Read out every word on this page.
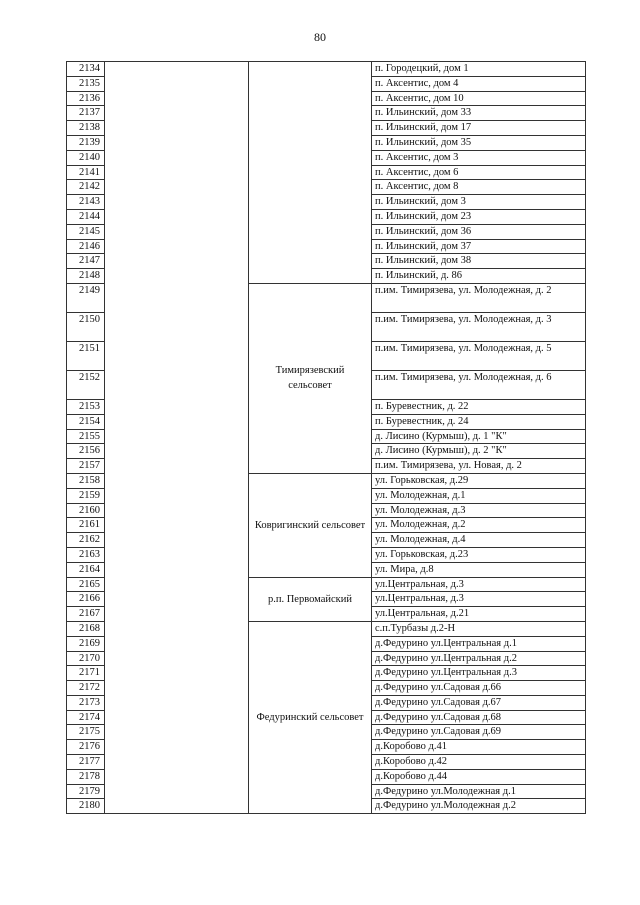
80
2134			п. Городецкий, дом 1
2135			п. Аксентис, дом 4
2136			п. Аксентис, дом 10
2137			п. Ильинский, дом 33
2138			п. Ильинский, дом 17
2139			п. Ильинский, дом 35
2140			п. Аксентис, дом 3
2141			п. Аксентис, дом 6
2142			п. Аксентис, дом 8
2143			п. Ильинский, дом 3
2144			п. Ильинский, дом 23
2145			п. Ильинский, дом 36
2146			п. Ильинский, дом 37
2147			п. Ильинский, дом 38
2148			п. Ильинский, д. 86
2149		Тимирязевский сельсовет	п.им. Тимирязева, ул. Молодежная, д. 2
2150			п.им. Тимирязева, ул. Молодежная, д. 3
2151			п.им. Тимирязева, ул. Молодежная, д. 5
2152			п.им. Тимирязева, ул. Молодежная, д. 6
2153			п. Буревестник, д. 22
2154			п. Буревестник, д. 24
2155			д. Лисино (Курмыш), д. 1 "К"
2156			д. Лисино (Курмыш), д. 2 "К"
2157			п.им. Тимирязева, ул. Новая, д. 2
2158		Ковригинский сельсовет	ул. Горьковская, д.29
2159			ул. Молодежная, д.1
2160			ул. Молодежная, д.3
2161			ул. Молодежная, д.2
2162			ул. Молодежная, д.4
2163			ул. Горьковская, д.23
2164			ул. Мира, д.8
2165		р.п. Первомайский	ул.Центральная, д.3
2166			ул.Центральная, д.3
2167			ул.Центральная, д.21
2168		Федуринский сельсовет	с.п.Турбазы д.2-Н
2169			д.Федурино ул.Центральная д.1
2170			д.Федурино ул.Центральная д.2
2171			д.Федурино ул.Центральная д.3
2172			д.Федурино ул.Садовая д.66
2173			д.Федурино ул.Садовая д.67
2174			д.Федурино ул.Садовая д.68
2175			д.Федурино ул.Садовая д.69
2176			д.Коробово д.41
2177			д.Коробово д.42
2178			д.Коробово д.44
2179			д.Федурино ул.Молодежная д.1
2180			д.Федурино ул.Молодежная д.2
